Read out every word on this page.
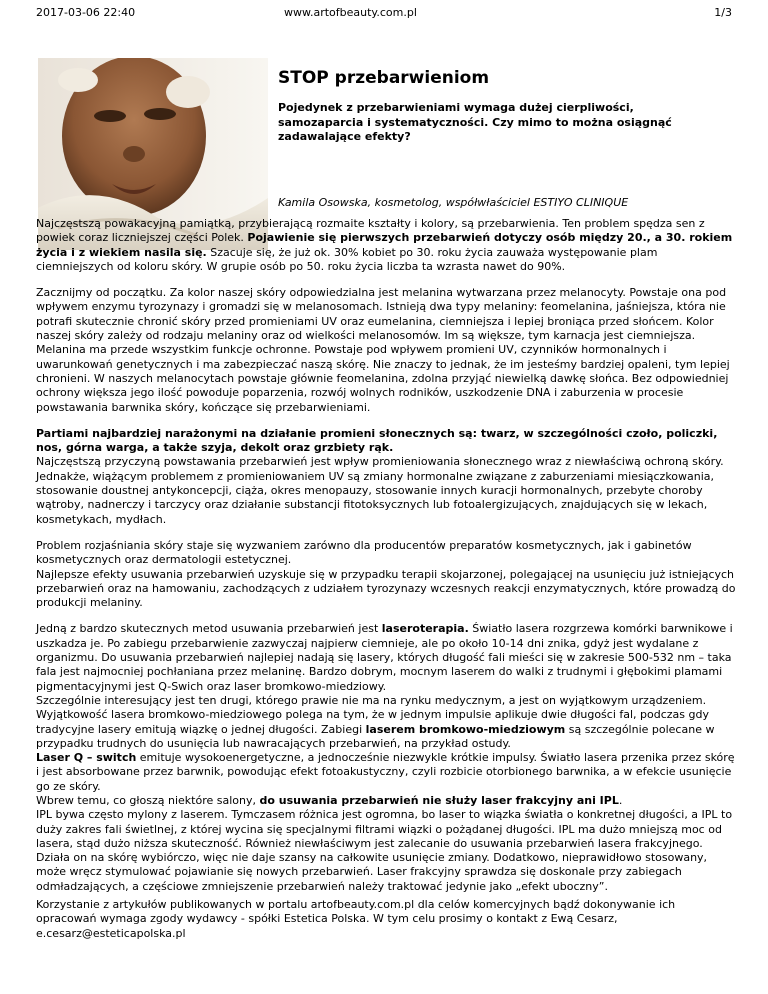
2017-03-06 22:40	www.artofbeauty.com.pl	1/3
STOP przebarwieniom

Pojedynek z przebarwieniami wymaga dużej cierpliwości, samozaparcia i systematyczności. Czy mimo to można osiągnąć zadawalające efekty?

Kamila Osowska, kosmetolog, współwłaściciel ESTIYO CLINIQUE

Najczęstszą powakacyjną pamiątką, przybierającą rozmaite kształty i kolory, są przebarwienia. Ten problem spędza sen z powiek coraz liczniejszej części Polek. Pojawienie się pierwszych przebarwień dotyczy osób między 20., a 30. rokiem życia i z wiekiem nasila się. Szacuje się, że już ok. 30% kobiet po 30. roku życia zauważa występowanie plam ciemniejszych od koloru skóry. W grupie osób po 50. roku życia liczba ta wzrasta nawet do 90%.

Zacznijmy od początku. Za kolor naszej skóry odpowiedzialna jest melanina wytwarzana przez melanocyty. Powstaje ona pod wpływem enzymu tyrozynazy i gromadzi się w melanosomach. Istnieją dwa typy melaniny: feomelanina, jaśniejsza, która nie potrafi skutecznie chronić skóry przed promieniami UV oraz eumelanina, ciemniejsza i lepiej broniąca przed słońcem. Kolor naszej skóry zależy od rodzaju melaniny oraz od wielkości melanosomów. Im są większe, tym karnacja jest ciemniejsza. Melanina ma przede wszystkim funkcje ochronne. Powstaje pod wpływem promieni UV, czynników hormonalnych i uwarunkowań genetycznych i ma zabezpieczać naszą skórę. Nie znaczy to jednak, że im jesteśmy bardziej opaleni, tym lepiej chronieni. W naszych melanocytach powstaje głównie feomelanina, zdolna przyjąć niewielką dawkę słońca. Bez odpowiedniej ochrony większa jego ilość powoduje poparzenia, rozwój wolnych rodników, uszkodzenie DNA i zaburzenia w procesie powstawania barwnika skóry, kończące się przebarwieniami.

Partiami najbardziej narażonymi na działanie promieni słonecznych są: twarz, w szczególności czoło, policzki, nos, górna warga, a także szyja, dekolt oraz grzbiety rąk.
Najczęstszą przyczyną powstawania przebarwień jest wpływ promieniowania słonecznego wraz z niewłaściwą ochroną skóry. Jednakże, wiążącym problemem z promieniowaniem UV są zmiany hormonalne związane z zaburzeniami miesiączkowania, stosowanie doustnej antykoncepcji, ciąża, okres menopauzy, stosowanie innych kuracji hormonalnych, przebyte choroby wątroby, nadnerczy i tarczycy oraz działanie substancji fitotoksycznych lub fotoalergizujących, znajdujących się w lekach, kosmetykach, mydłach.

Problem rozjaśniania skóry staje się wyzwaniem zarówno dla producentów preparatów kosmetycznych, jak i gabinetów kosmetycznych oraz dermatologii estetycznej.
Najlepsze efekty usuwania przebarwień uzyskuje się w przypadku terapii skojarzonej, polegającej na usunięciu już istniejących przebarwień oraz na hamowaniu, zachodzących z udziałem tyrozynazy wczesnych reakcji enzymatycznych, które prowadzą do produkcji melaniny.

Jedną z bardzo skutecznych metod usuwania przebarwień jest laseroterapia. Światło lasera rozgrzewa komórki barwnikowe i uszkadza je. Po zabiegu przebarwienie zazwyczaj najpierw ciemnieje, ale po około 10-14 dni znika, gdyż jest wydalane z organizmu. Do usuwania przebarwień najlepiej nadają się lasery, których długość fali mieści się w zakresie 500-532 nm – taka fala jest najmocniej pochłaniana przez melaninę. Bardzo dobrym, mocnym laserem do walki z trudnymi i głębokimi plamami pigmentacyjnymi jest Q-Swich oraz laser bromkowo-miedziowy.
Szczególnie interesujący jest ten drugi, którego prawie nie ma na rynku medycznym, a jest on wyjątkowym urządzeniem. Wyjątkowość lasera bromkowo-miedziowego polega na tym, że w jednym impulsie aplikuje dwie długości fal, podczas gdy tradycyjne lasery emitują wiązkę o jednej długości. Zabiegi laserem bromkowo-miedziowym są szczególnie polecane w przypadku trudnych do usunięcia lub nawracających przebarwień, na przykład ostudy.
Laser Q – switch emituje wysokoenergetyczne, a jednocześnie niezwykle krótkie impulsy. Światło lasera przenika przez skórę i jest absorbowane przez barwnik, powodując efekt fotoakustyczny, czyli rozbicie otorbionego barwnika, a w efekcie usunięcie go ze skóry.
Wbrew temu, co głoszą niektóre salony, do usuwania przebarwień nie służy laser frakcyjny ani IPL.
IPL bywa często mylony z laserem. Tymczasem różnica jest ogromna, bo laser to wiązka światła o konkretnej długości, a IPL to duży zakres fali świetlnej, z której wycina się specjalnymi filtrami wiązki o pożądanej długości. IPL ma dużo mniejszą moc od lasera, stąd dużo niższa skuteczność. Również niewłaściwym jest zalecanie do usuwania przebarwień lasera frakcyjnego. Działa on na skórę wybiórczo, więc nie daje szansy na całkowite usunięcie zmiany. Dodatkowo, nieprawidłowo stosowany, może wręcz stymulować pojawianie się nowych przebarwień. Laser frakcyjny sprawdza się doskonale przy zabiegach odmładzających, a częściowe zmniejszenie przebarwień należy traktować jedynie jako „efekt uboczny”.

Korzystanie z artykułów publikowanych w portalu artofbeauty.com.pl dla celów komercyjnych bądź dokonywanie ich opracowań wymaga zgody wydawcy - spółki Estetica Polska. W tym celu prosimy o kontakt z Ewą Cesarz, e.cesarz@esteticapolska.pl
